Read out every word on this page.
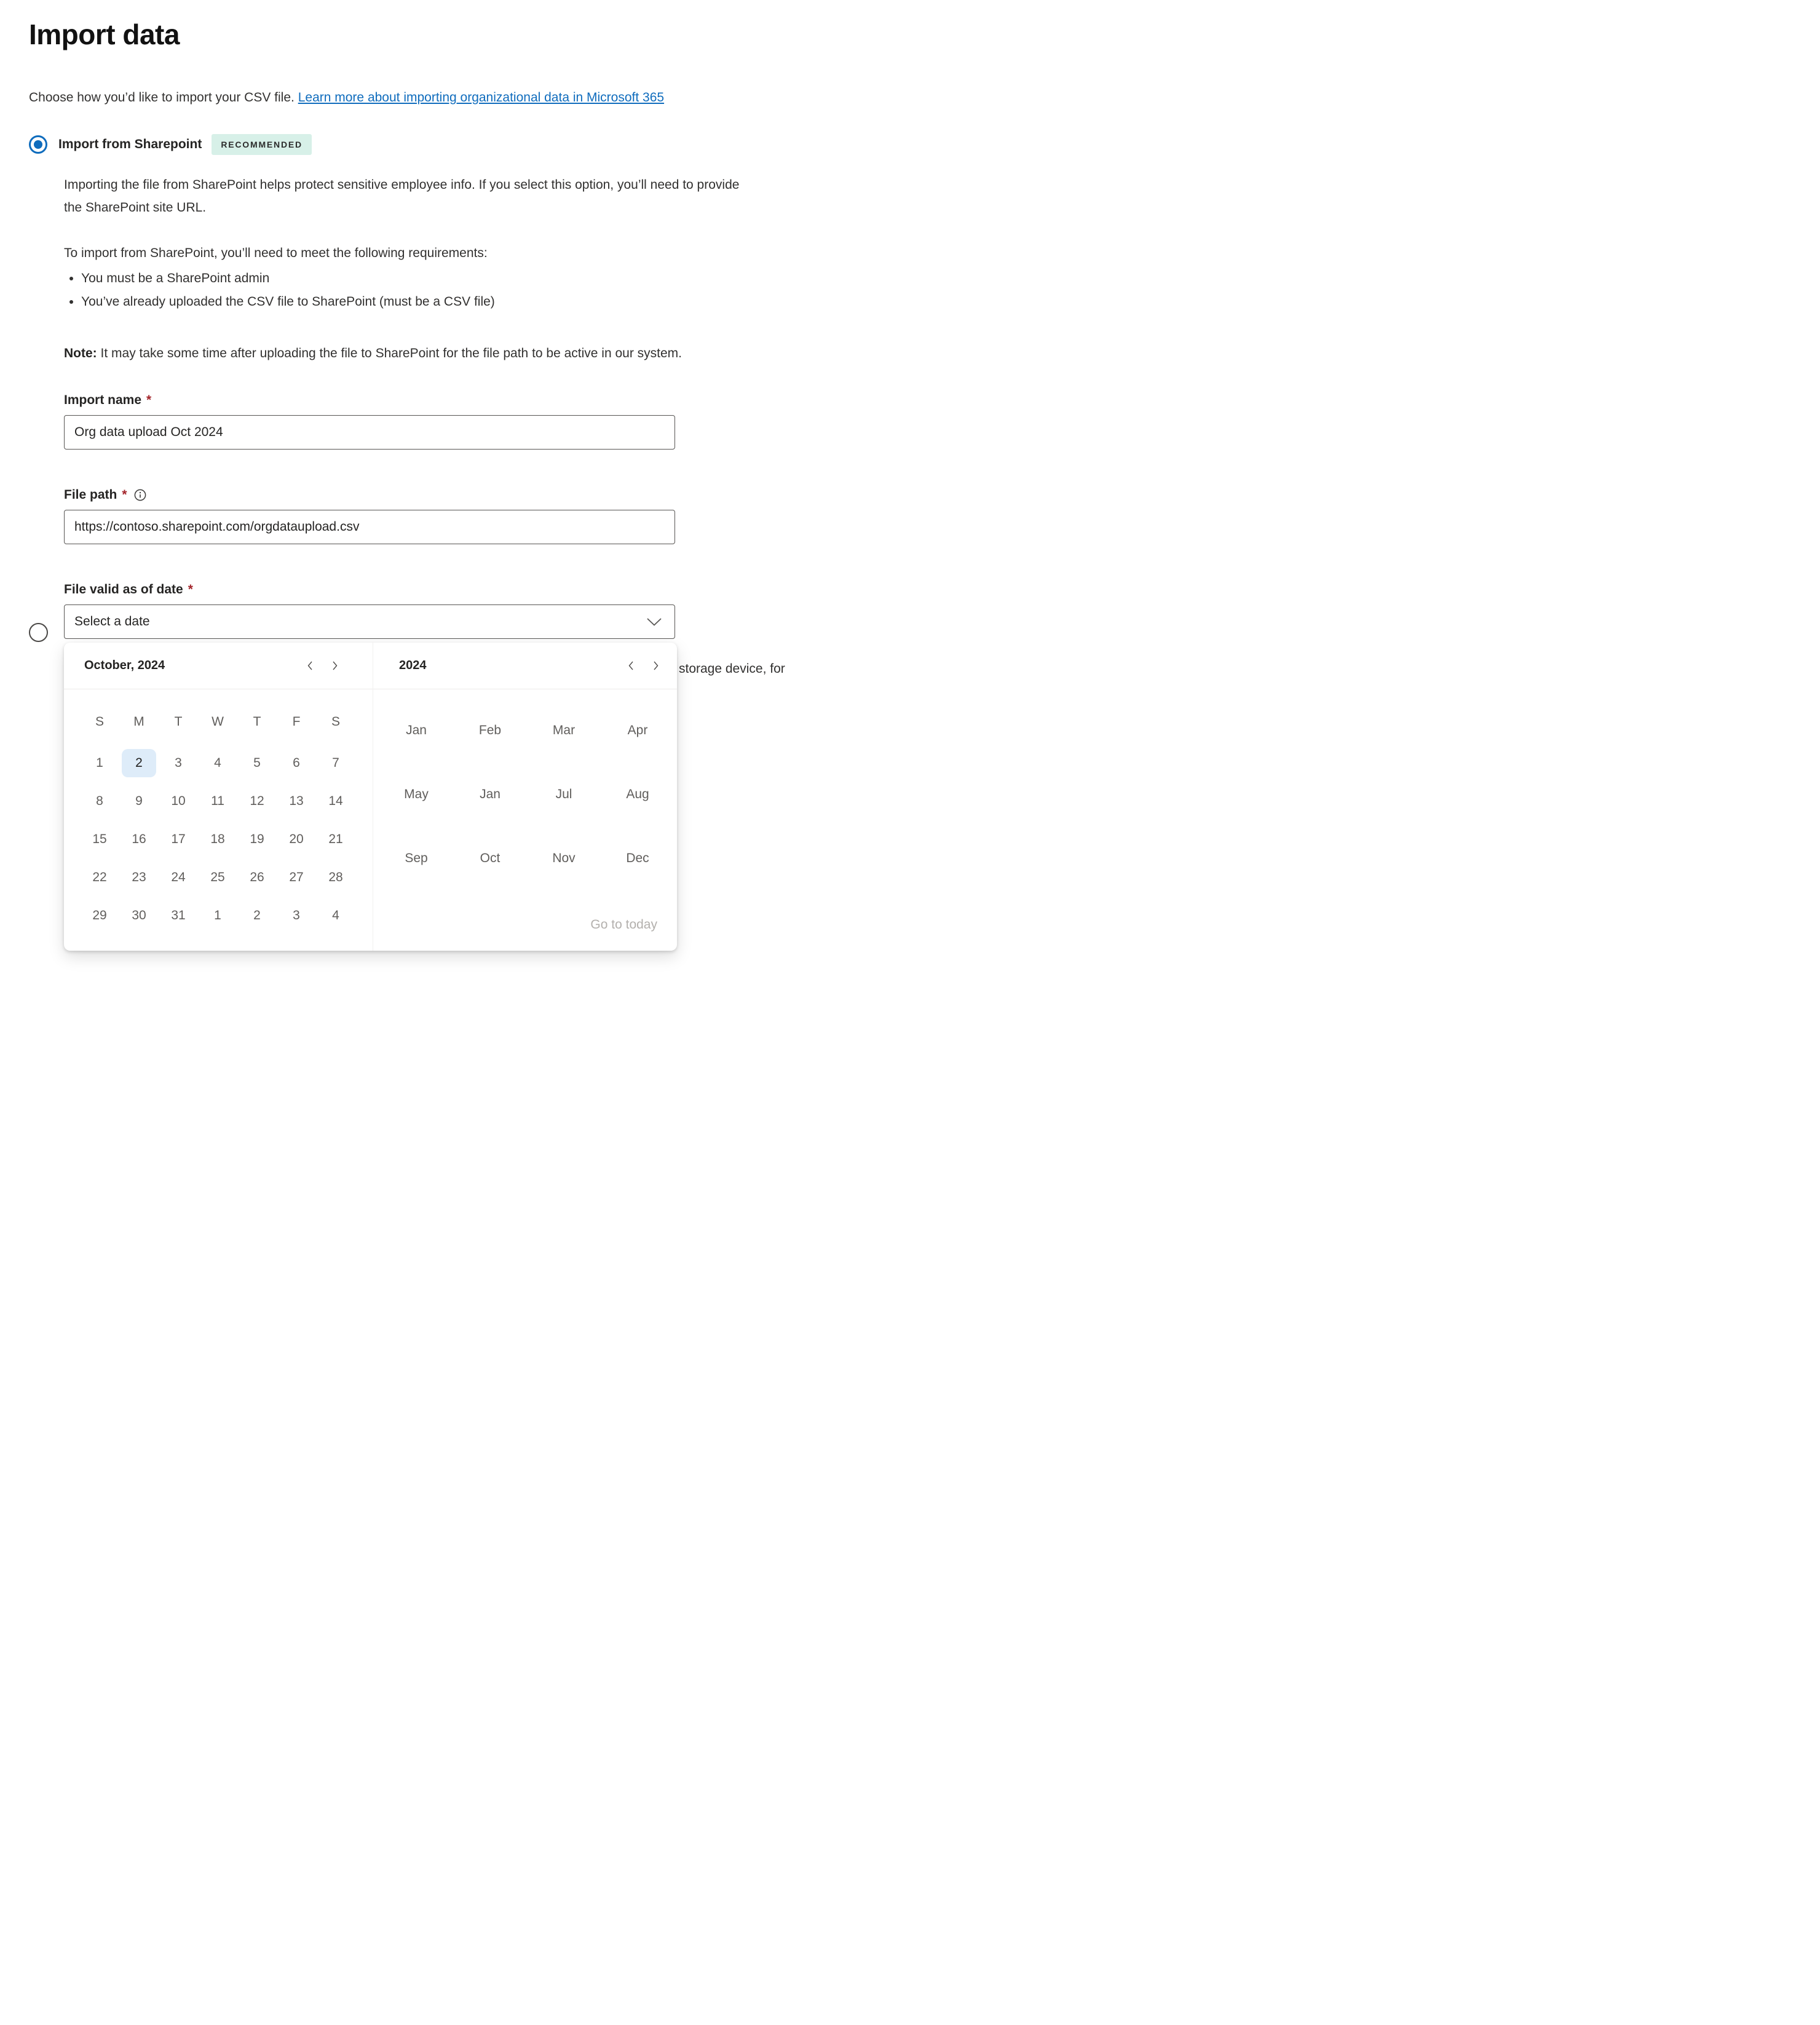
Import data

Choose how you’d like to import your CSV file. Learn more about importing organizational data in Microsoft 365

Import from Sharepoint	RECOMMENDED

Importing the file from SharePoint helps protect sensitive employee info. If you select this option, you’ll need to provide the SharePoint site URL.

To import from SharePoint, you’ll need to meet the following requirements:

• You must be a SharePoint admin
• You’ve already uploaded the CSV file to SharePoint (must be a CSV file)

Note: It may take some time after uploading the file to SharePoint for the file path to be active in our system.

Import name *
Org data upload Oct 2024
File path *
https://contoso.sharepoint.com/orgdataupload.csv
File valid as of date *
Select a date
storage device, for
October, 2024
S	M	T	W	T	F	S
1	2	3	4	5	6	7
8	9	10	11	12	13	14
15	16	17	18	19	20	21
22	23	24	25	26	27	28
29	30	31	1	2	3	4
2024
Jan	Feb	Mar	Apr
May	Jan	Jul	Aug
Sep	Oct	Nov	Dec
Go to today
